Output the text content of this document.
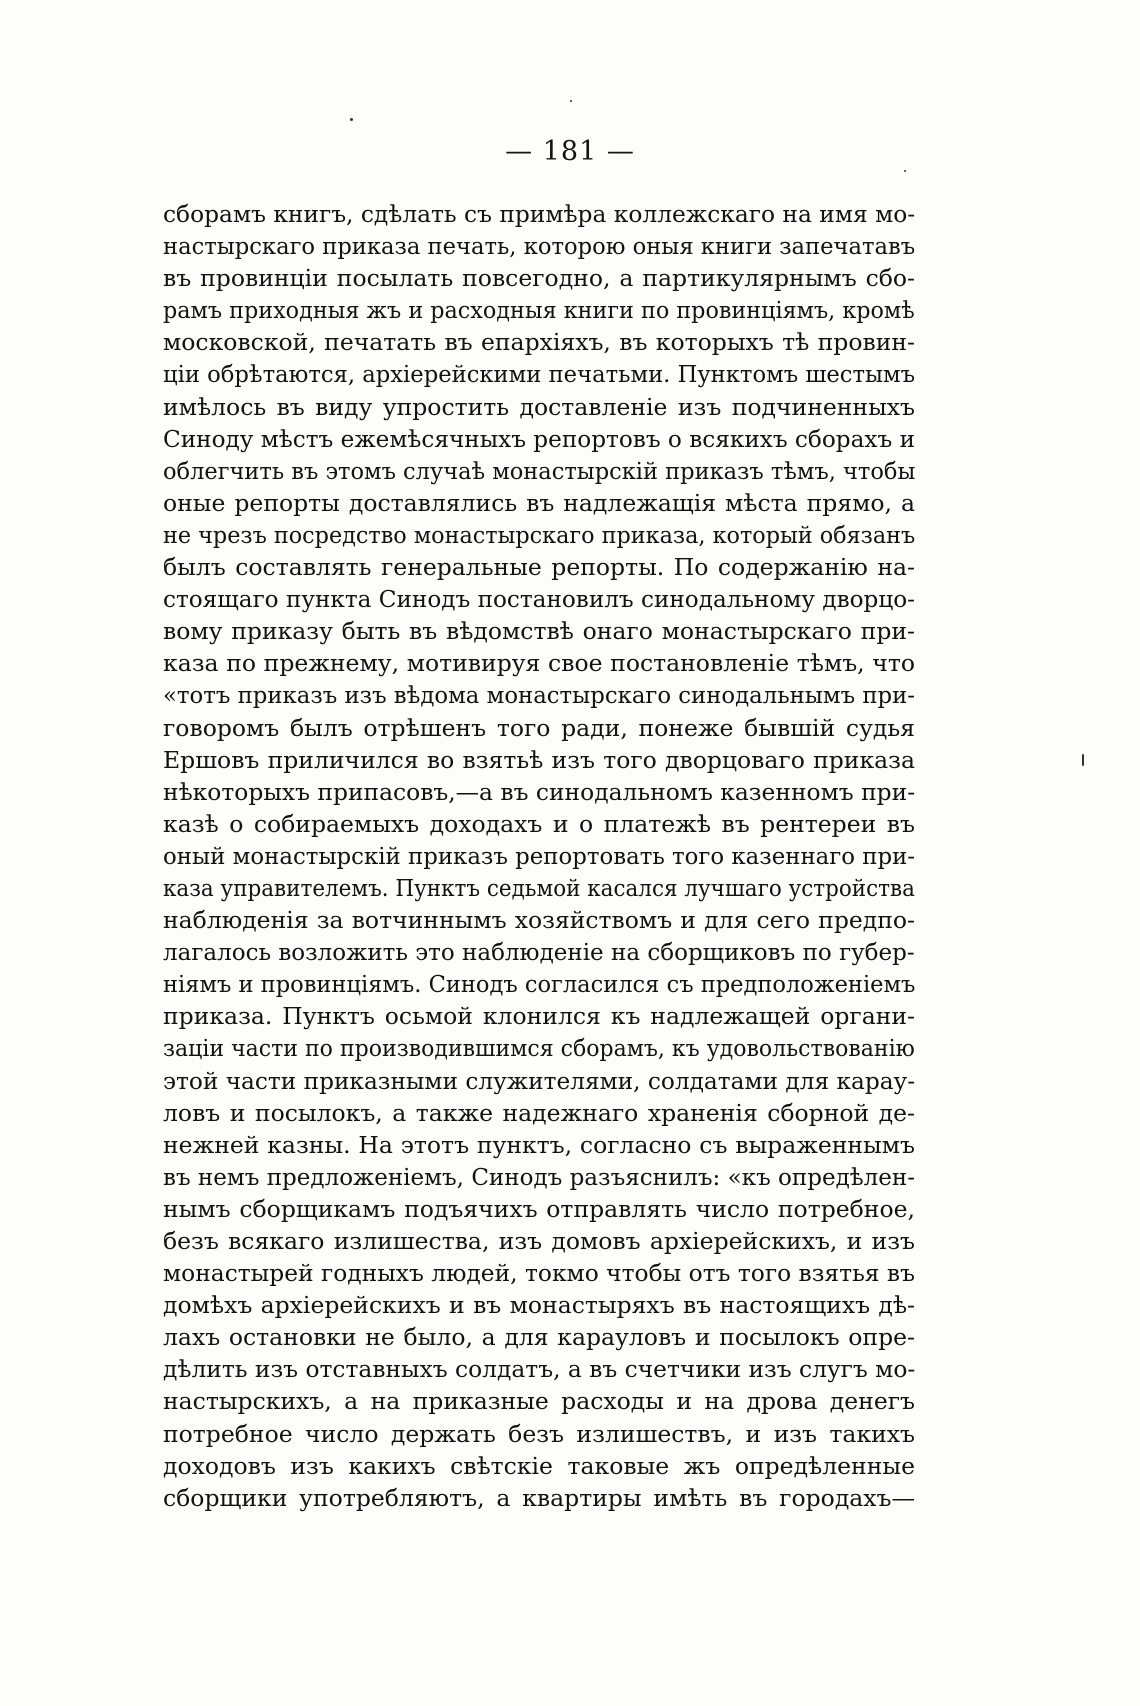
— 181 —
сборамъ книгъ, сдѣлать съ примѣра коллежскаго на имя мо-
настырскаго приказа печать, которою оныя книги запечатавъ
въ провинціи посылать повсегодно, а партикулярнымъ сбо-
рамъ приходныя жъ и расходныя книги по провинціямъ, кромѣ
московской, печатать въ епархіяхъ, въ которыхъ тѣ провин-
ціи обрѣтаются, архіерейскими печатьми. Пунктомъ шестымъ
имѣлось въ виду упростить доставленіе изъ подчиненныхъ
Синоду мѣстъ ежемѣсячныхъ репортовъ о всякихъ сборахъ и
облегчить въ этомъ случаѣ монастырскій приказъ тѣмъ, чтобы
оные репорты доставлялись въ надлежащія мѣста прямо, а
не чрезъ посредство монастырскаго приказа, который обязанъ
былъ составлять генеральные репорты. По содержанію на-
стоящаго пункта Синодъ постановилъ синодальному дворцо-
вому приказу быть въ вѣдомствѣ онаго монастырскаго при-
каза по прежнему, мотивируя свое постановленіе тѣмъ, что
«тотъ приказъ изъ вѣдома монастырскаго синодальнымъ при-
говоромъ былъ отрѣшенъ того ради, понеже бывшій судья
Ершовъ приличился во взятьѣ изъ того дворцоваго приказа
нѣкоторыхъ припасовъ,—а въ синодальномъ казенномъ при-
казѣ о собираемыхъ доходахъ и о платежѣ въ рентереи въ
оный монастырскій приказъ репортовать того казеннаго при-
каза управителемъ. Пунктъ седьмой касался лучшаго устройства
наблюденія за вотчиннымъ хозяйствомъ и для сего предпо-
лагалось возложить это наблюденіе на сборщиковъ по губер-
ніямъ и провинціямъ. Синодъ согласился съ предположеніемъ
приказа. Пунктъ осьмой клонился къ надлежащей органи-
заціи части по производившимся сборамъ, къ удовольствованію
этой части приказными служителями, солдатами для карау-
ловъ и посылокъ, а также надежнаго храненія сборной де-
нежней казны. На этотъ пунктъ, согласно съ выраженнымъ
въ немъ предложеніемъ, Синодъ разъяснилъ: «къ опредѣлен-
нымъ сборщикамъ подъячихъ отправлять число потребное,
безъ всякаго излишества, изъ домовъ архіерейскихъ, и изъ
монастырей годныхъ людей, токмо чтобы отъ того взятья въ
домѣхъ архіерейскихъ и въ монастыряхъ въ настоящихъ дѣ-
лахъ остановки не было, а для карауловъ и посылокъ опре-
дѣлить изъ отставныхъ солдатъ, а въ счетчики изъ слугъ мо-
настырскихъ, а на приказные расходы и на дрова денегъ
потребное число держать безъ излишествъ, и изъ такихъ
доходовъ изъ какихъ свѣтскіе таковые жъ опредѣленные
сборщики употребляютъ, а квартиры имѣть въ городахъ—
